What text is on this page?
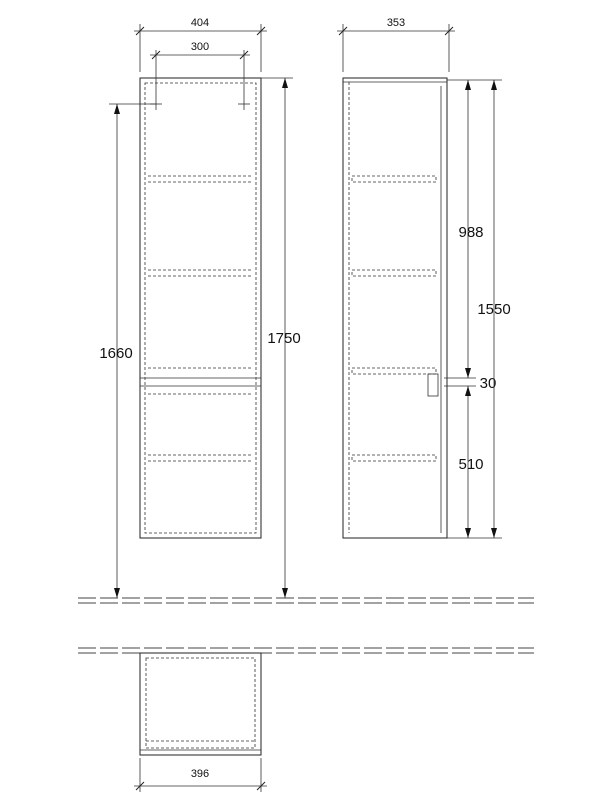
404
300
1660
1750
353
988
510
30
1550
396
